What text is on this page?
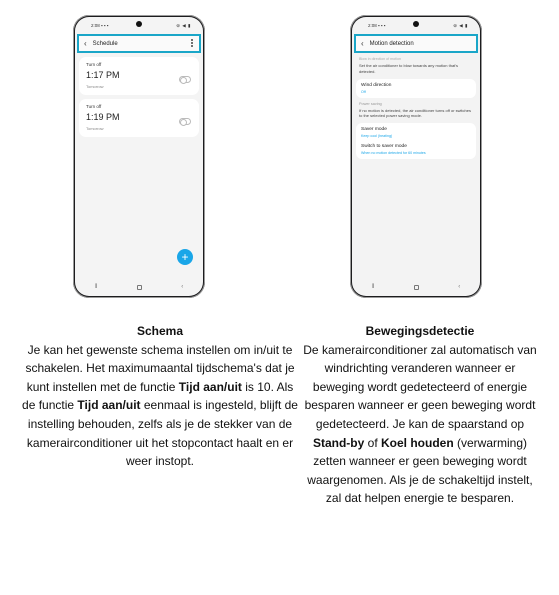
2:08 ▪ ▪ ▪	⊜ ◀ ▮
‹ Schedule
Turn off
1:17 PM
Tomorrow
Turn off
1:19 PM
Tomorrow
+
⦀	‹
2:08 ▪ ▪ ▪	⊜ ◀ ▮
‹ Motion detection
Blow in direction of motion
Set the air conditioner to blow towards any motion that's detected.
Wind direction
Off
Power saving
If no motion is detected, the air conditioner turns off or switches to the selected power saving mode.
Saver mode
Keep cool (heating)
Switch to saver mode
When no motion detected for 60 minutes
⦀	‹
Schema
Je kan het gewenste schema instellen om in/uit te schakelen. Het maximumaantal tijdschema's dat je kunt instellen met de functie Tijd aan/uit is 10. Als de functie Tijd aan/uit eenmaal is ingesteld, blijft de instelling behouden, zelfs als je de stekker van de kamerairconditioner uit het stopcontact haalt en er weer instopt.
Bewegingsdetectie
De kamerairconditioner zal automatisch van windrichting veranderen wanneer er beweging wordt gedetecteerd of energie besparen wanneer er geen beweging wordt gedetecteerd. Je kan de spaarstand op Stand-by of Koel houden (verwarming) zetten wanneer er geen beweging wordt waargenomen. Als je de schakeltijd instelt, zal dat helpen energie te besparen.
